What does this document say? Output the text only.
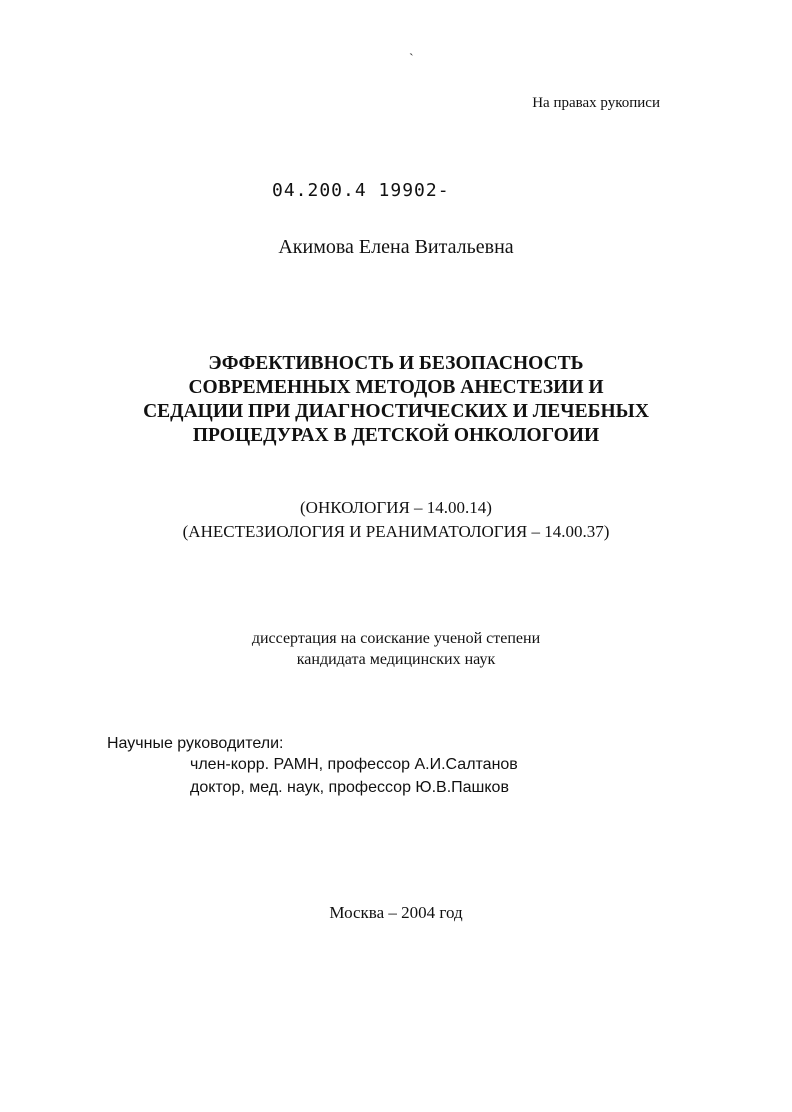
`
На правах рукописи
04.200.4 19902-
Акимова Елена Витальевна
ЭФФЕКТИВНОСТЬ И БЕЗОПАСНОСТЬ
СОВРЕМЕННЫХ МЕТОДОВ АНЕСТЕЗИИ И
СЕДАЦИИ ПРИ ДИАГНОСТИЧЕСКИХ И ЛЕЧЕБНЫХ
ПРОЦЕДУРАХ В ДЕТСКОЙ ОНКОЛОГОИИ
(ОНКОЛОГИЯ – 14.00.14)
(АНЕСТЕЗИОЛОГИЯ И РЕАНИМАТОЛОГИЯ – 14.00.37)
диссертация на соискание ученой степени
кандидата медицинских наук
Научные руководители:
член-корр. РАМН, профессор А.И.Салтанов
доктор, мед. наук, профессор Ю.В.Пашков
Москва – 2004 год
